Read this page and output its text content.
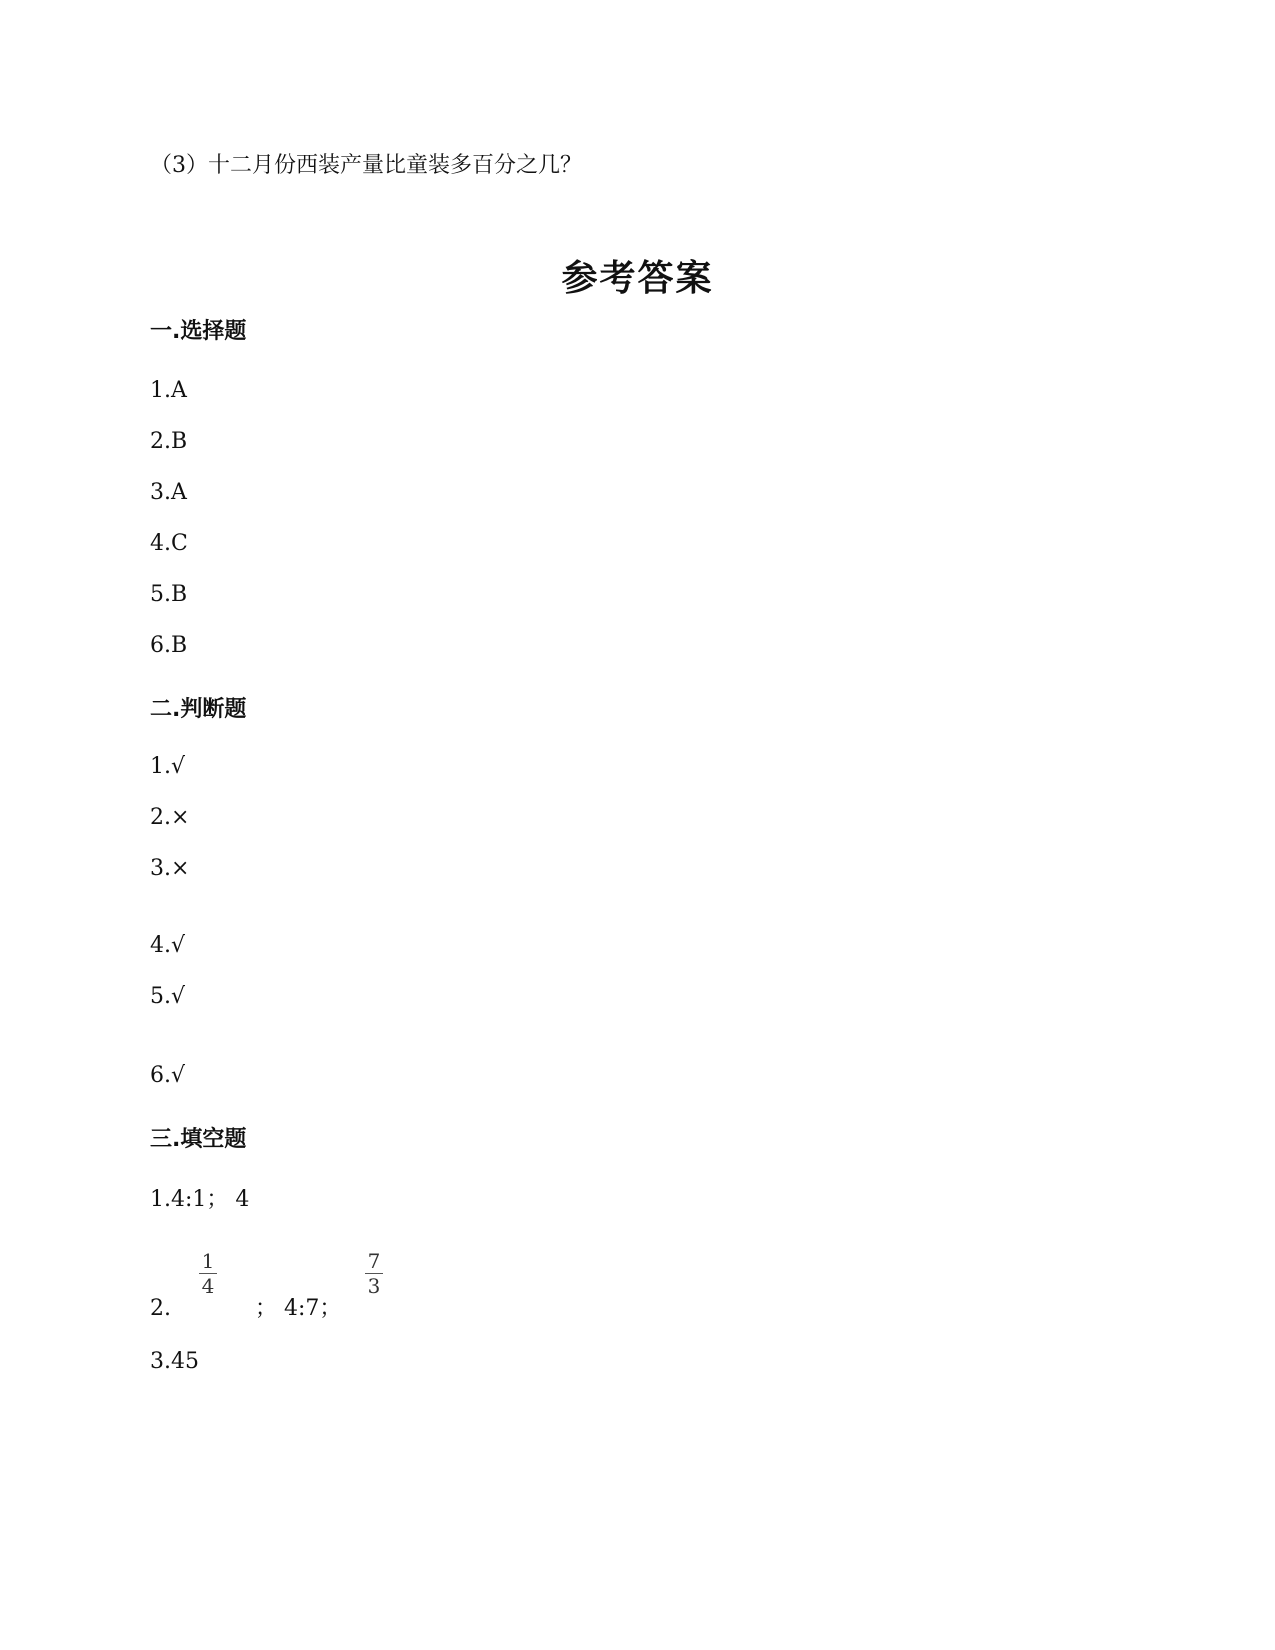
（3）十二月份西装产量比童装多百分之几？
参考答案
一.选择题
1.A
2.B
3.A
4.C
5.B
6.B
二.判断题
1.√
2.×
3.×
4.√
5.√
6.√
三.填空题
1.4:1； 4
2.
1
4
； 4:7；
7
3
3.45
